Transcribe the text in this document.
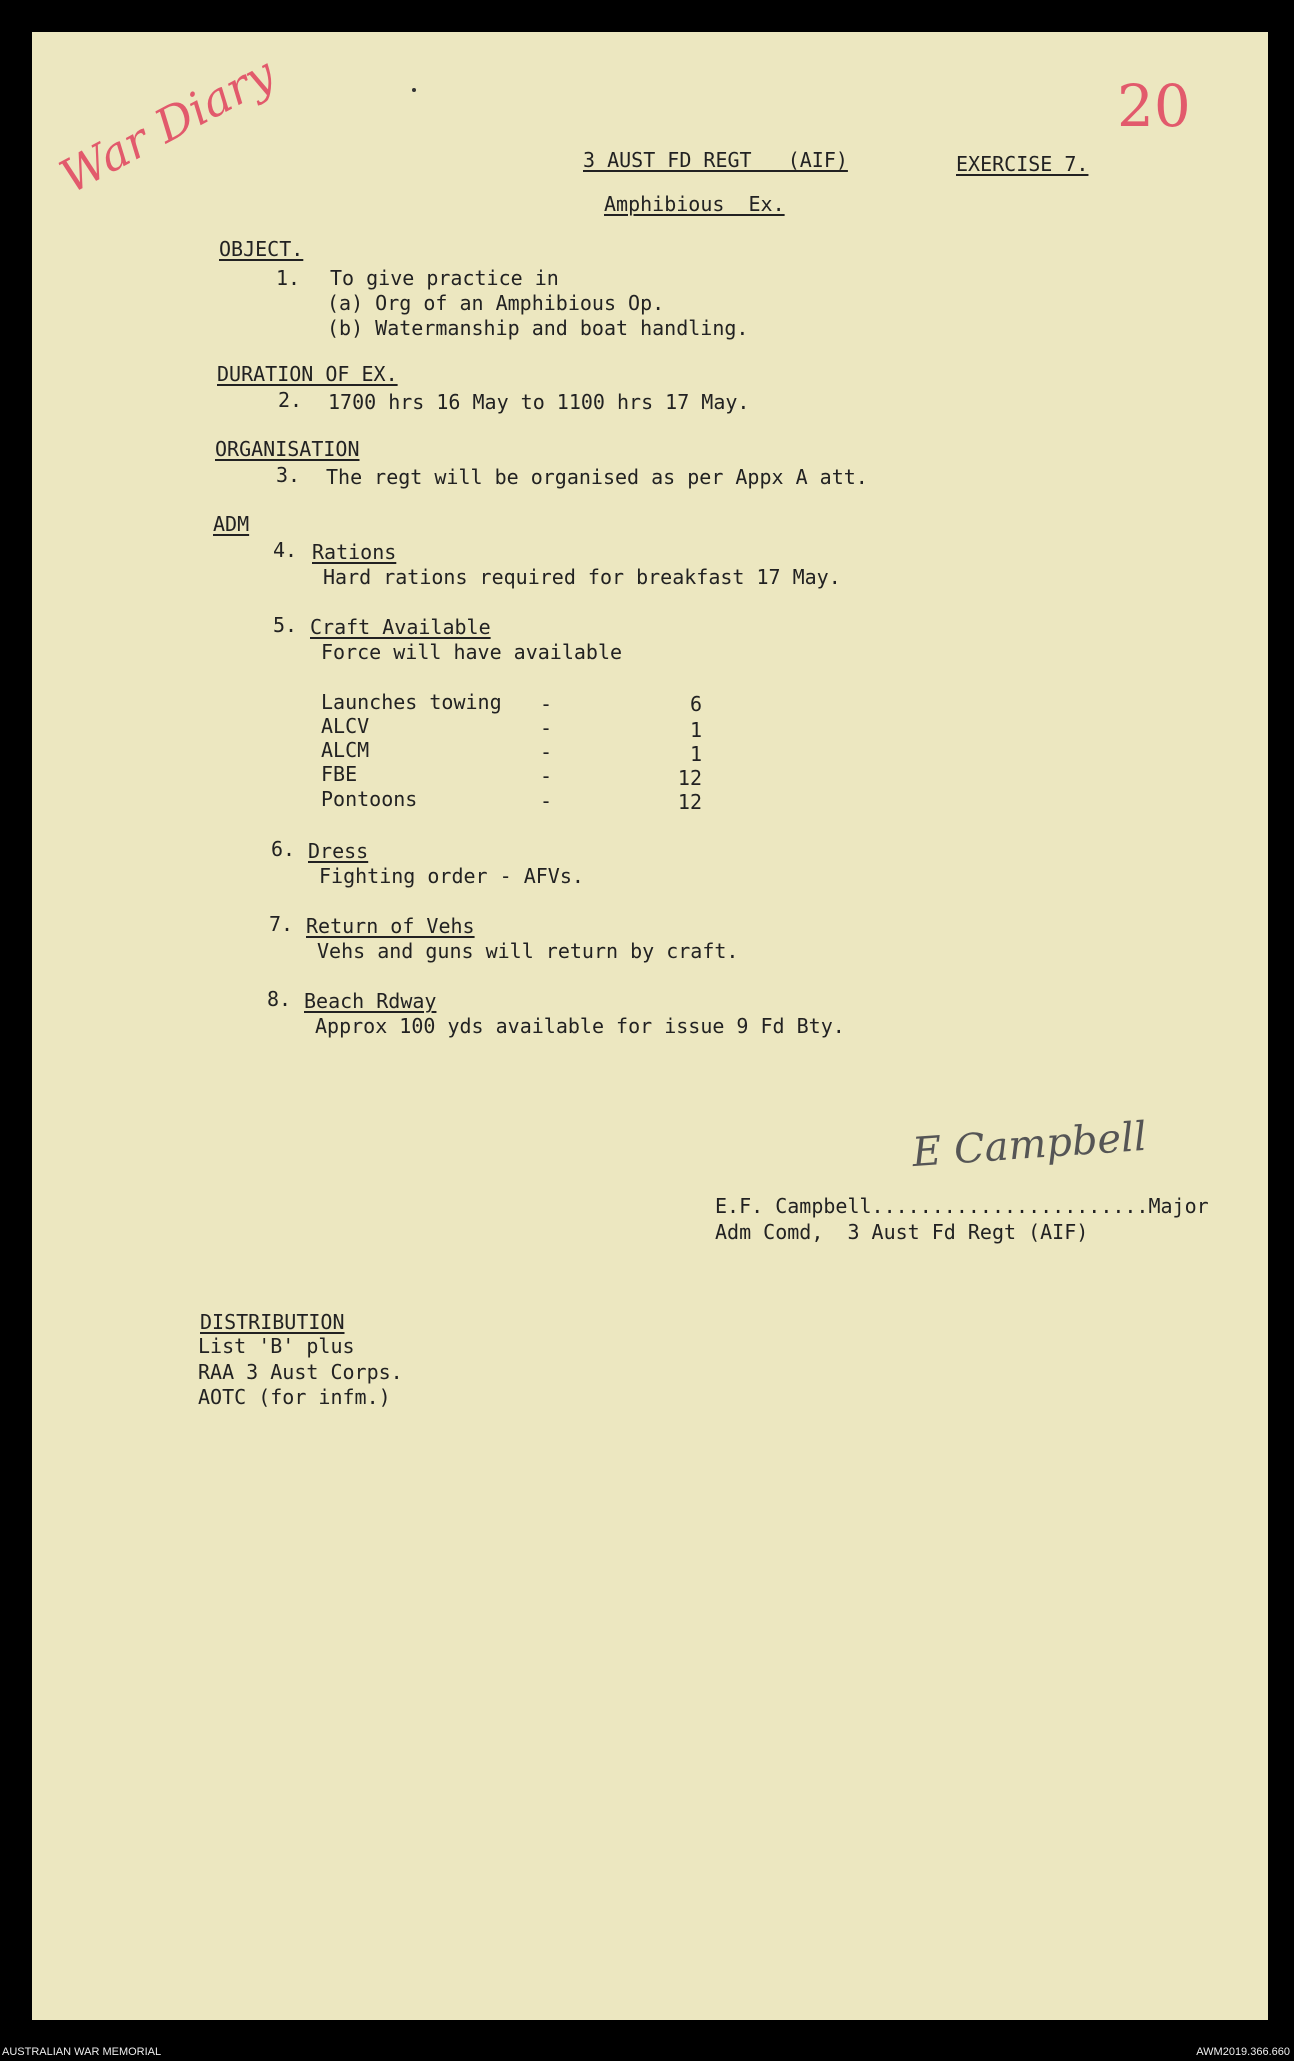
War Diary	20
3 AUST FD REGT   (AIF)	EXERCISE 7.
Amphibious  Ex.
OBJECT.
1. To give practice in
(a) Org of an Amphibious Op.
(b) Watermanship and boat handling.
DURATION OF EX.
2. 1700 hrs 16 May to 1100 hrs 17 May.
ORGANISATION
3. The regt will be organised as per Appx A att.
ADM
4. Rations
Hard rations required for breakfast 17 May.
5. Craft Available
Force will have available
Launches towing -	6
ALCV	-	1
ALCM	-	1
FBE	-	12
Pontoons	-	12
6. Dress
Fighting order - AFVs.
7. Return of Vehs
Vehs and guns will return by craft.
8. Beach Rdway
Approx 100 yds available for issue 9 Fd Bty.
E Campbell
E.F. Campbell.......................Major
Adm Comd,  3 Aust Fd Regt (AIF)
DISTRIBUTION
List 'B' plus
RAA 3 Aust Corps.
AOTC (for infm.)
AUSTRALIAN WAR MEMORIAL	AWM2019.366.660
